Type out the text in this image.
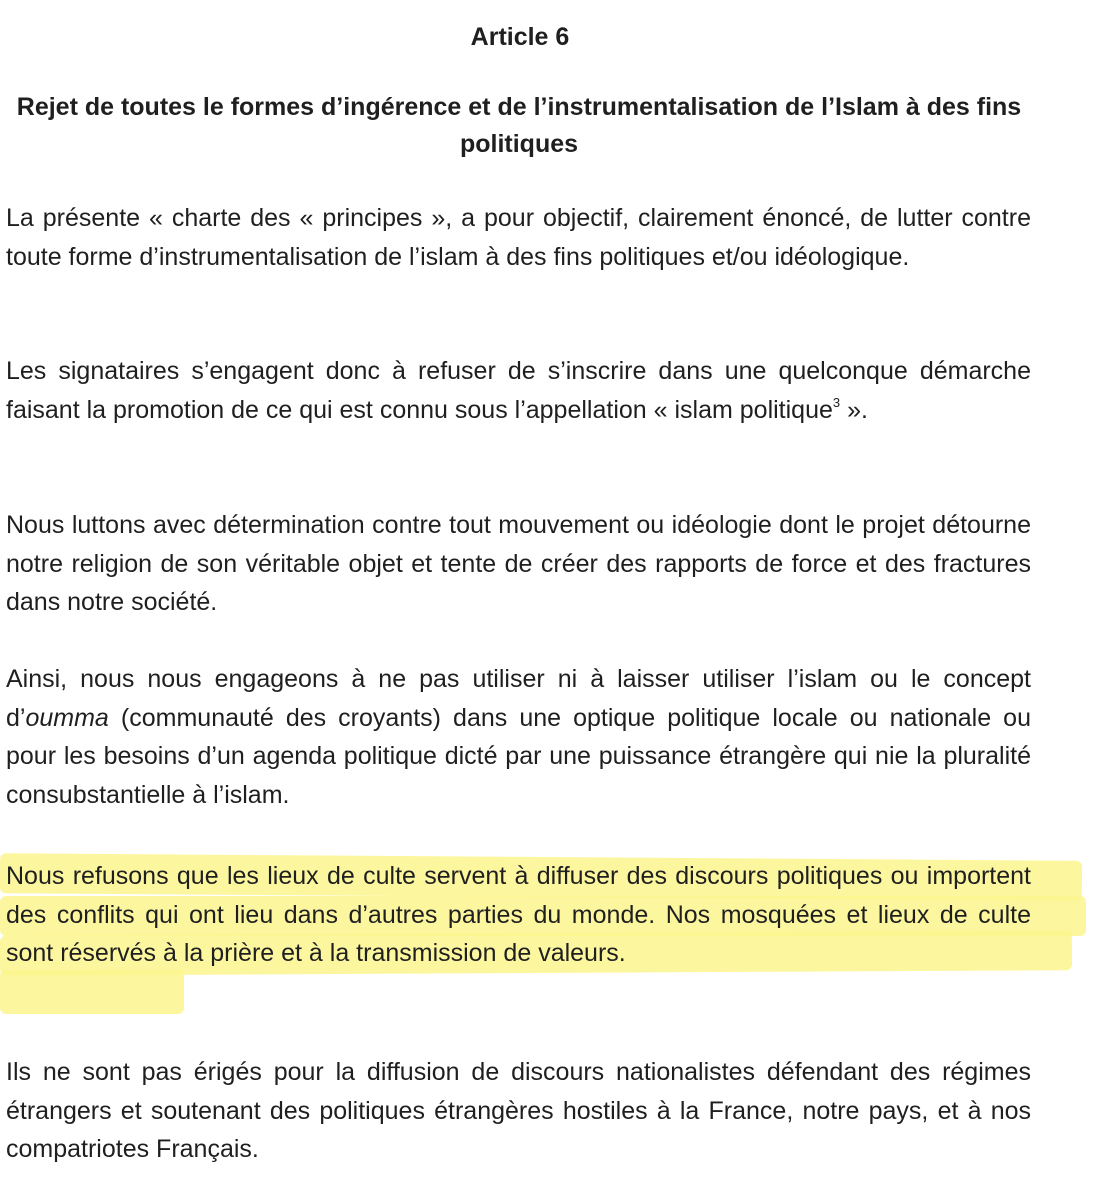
Article 6
Rejet de toutes le formes d’ingérence et de l’instrumentalisation de l’Islam à des fins politiques

La présente « charte des « principes », a pour objectif, clairement énoncé, de lutter contre toute forme d’instrumentalisation de l’islam à des fins politiques et/ou idéologique.

Les signataires s’engagent donc à refuser de s’inscrire dans une quelconque démarche faisant la promotion de ce qui est connu sous l’appellation « islam politique$^3$ ».

Nous luttons avec détermination contre tout mouvement ou idéologie dont le projet détourne notre religion de son véritable objet et tente de créer des rapports de force et des fractures dans notre société.

Ainsi, nous nous engageons à ne pas utiliser ni à laisser utiliser l’islam ou le concept d’oumma (communauté des croyants) dans une optique politique locale ou nationale ou pour les besoins d’un agenda politique dicté par une puissance étrangère qui nie la pluralité consubstantielle à l’islam.

Nous refusons que les lieux de culte servent à diffuser des discours politiques ou importent des conflits qui ont lieu dans d’autres parties du monde. Nos mosquées et lieux de culte sont réservés à la prière et à la transmission de valeurs.

Ils ne sont pas érigés pour la diffusion de discours nationalistes défendant des régimes étrangers et soutenant des politiques étrangères hostiles à la France, notre pays, et à nos compatriotes Français.
